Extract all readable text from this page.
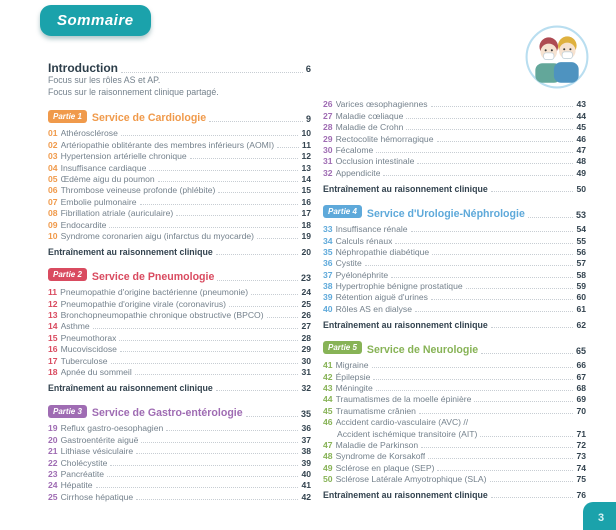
Sommaire
Introduction	6
Focus sur les rôles AS et AP.
Focus sur le raisonnement clinique partagé.
Partie 1 Service de Cardiologie	9
01 Athérosclérose	10
02 Artériopathie oblitérante des membres inférieurs (AOMI)	11
03 Hypertension artérielle chronique	12
04 Insuffisance cardiaque	13
05 Œdème aigu du poumon	14
06 Thrombose veineuse profonde (phlébite)	15
07 Embolie pulmonaire	16
08 Fibrillation atriale (auriculaire)	17
09 Endocardite	18
10 Syndrome coronarien aigu (infarctus du myocarde)	19
Entraînement au raisonnement clinique	20
Partie 2 Service de Pneumologie	23
11 Pneumopathie d'origine bactérienne (pneumonie)	24
12 Pneumopathie d'origine virale (coronavirus)	25
13 Bronchopneumopathie chronique obstructive (BPCO)	26
14 Asthme	27
15 Pneumothorax	28
16 Mucoviscidose	29
17 Tuberculose	30
18 Apnée du sommeil	31
Entraînement au raisonnement clinique	32
Partie 3 Service de Gastro-entérologie	35
19 Reflux gastro-oesophagien	36
20 Gastroentérite aiguë	37
21 Lithiase vésiculaire	38
22 Cholécystite	39
23 Pancréatite	40
24 Hépatite	41
25 Cirrhose hépatique	42
26 Varices œsophagiennes	43
27 Maladie cœliaque	44
28 Maladie de Crohn	45
29 Rectocolite hémorragique	46
30 Fécalome	47
31 Occlusion intestinale	48
32 Appendicite	49
Entraînement au raisonnement clinique	50
Partie 4 Service d'Urologie-Néphrologie	53
33 Insuffisance rénale	54
34 Calculs rénaux	55
35 Néphropathie diabétique	56
36 Cystite	57
37 Pyélonéphrite	58
38 Hypertrophie bénigne prostatique	59
39 Rétention aiguë d'urines	60
40 Rôles AS en dialyse	61
Entraînement au raisonnement clinique	62
Partie 5 Service de Neurologie	65
41 Migraine	66
42 Épilepsie	67
43 Méningite	68
44 Traumatismes de la moelle épinière	69
45 Traumatisme crânien	70
46 Accident cardio-vasculaire (AVC) //
Accident ischémique transitoire (AIT)	71
47 Maladie de Parkinson	72
48 Syndrome de Korsakoff	73
49 Sclérose en plaque (SEP)	74
50 Sclérose Latérale Amyotrophique (SLA)	75
Entraînement au raisonnement clinique	76
3
